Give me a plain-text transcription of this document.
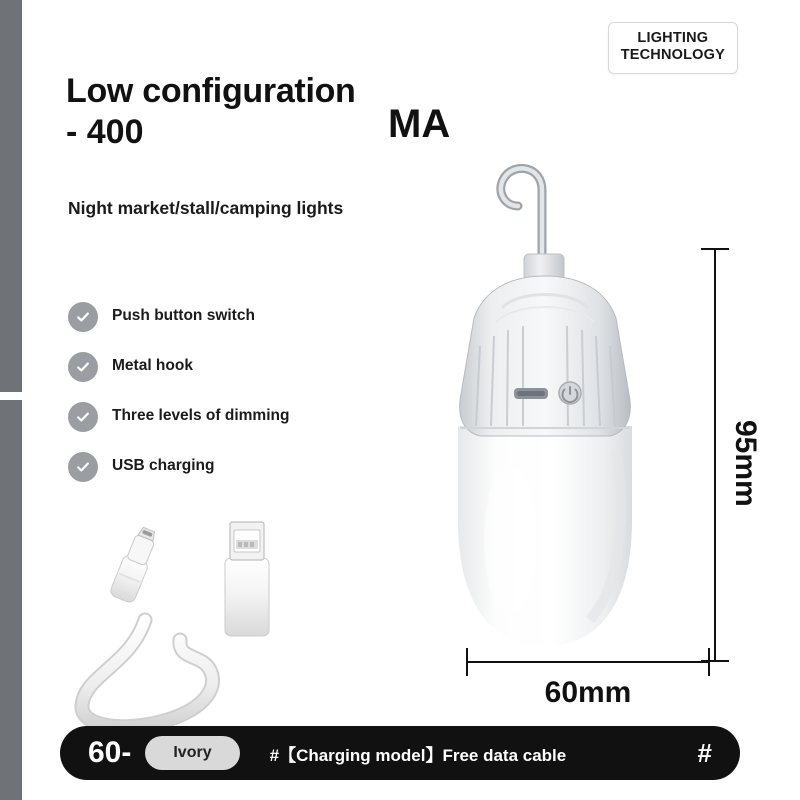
LIGHTING
TECHNOLOGY
Low configuration
MA
- 400
Night market/stall/camping lights
Push button switch
Metal hook
Three levels of dimming
USB charging	95mm
60mm
60-	Ivory	#【Charging model】Free data cable	#
